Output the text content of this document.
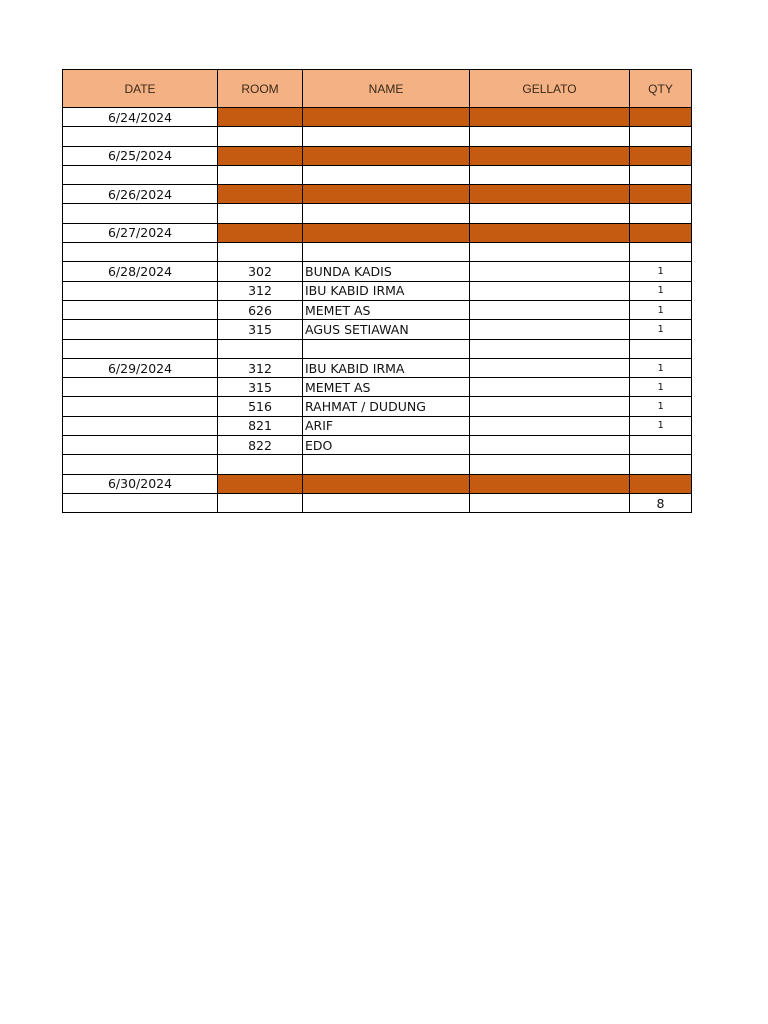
DATE	ROOM	NAME	GELLATO	QTY
6/24/2024				

6/25/2024				

6/26/2024				

6/27/2024				

6/28/2024	302	BUNDA KADIS		1
	312	IBU KABID IRMA		1
	626	MEMET AS		1
	315	AGUS SETIAWAN		1

6/29/2024	312	IBU KABID IRMA		1
	315	MEMET AS		1
	516	RAHMAT / DUDUNG		1
	821	ARIF		1
	822	EDO		

6/30/2024				
				8
